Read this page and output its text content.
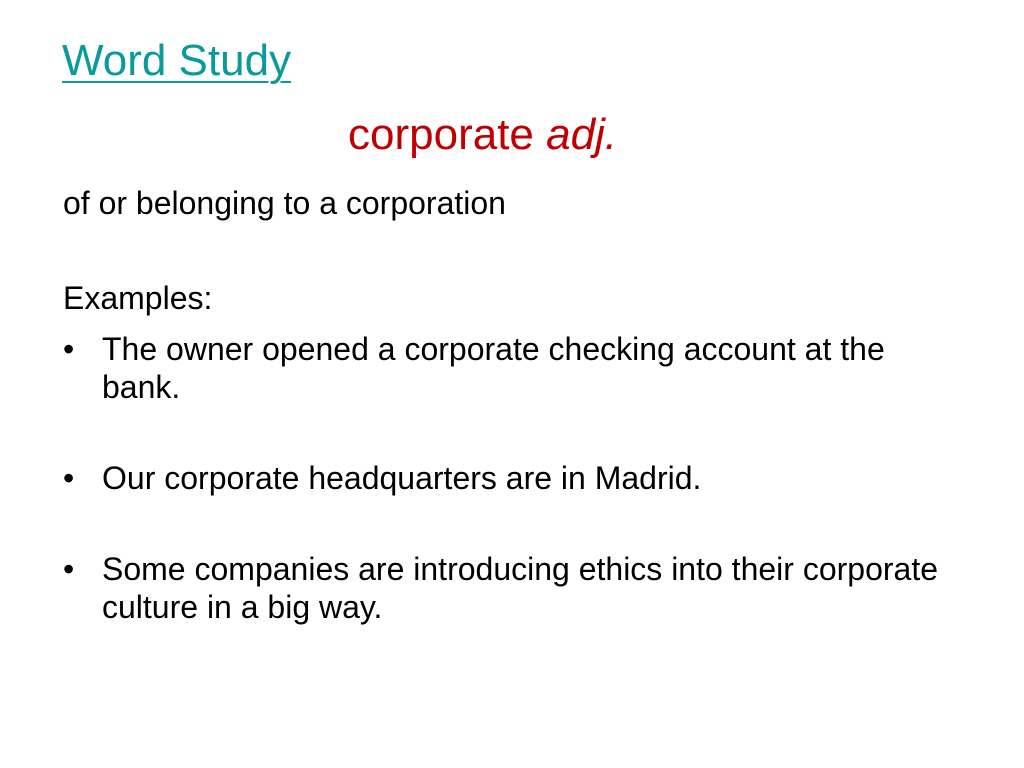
Word Study
corporate adj.
of or belonging to a corporation
Examples:
• The owner opened a corporate checking account at the bank.
• Our corporate headquarters are in Madrid.
• Some companies are introducing ethics into their corporate culture in a big way.
